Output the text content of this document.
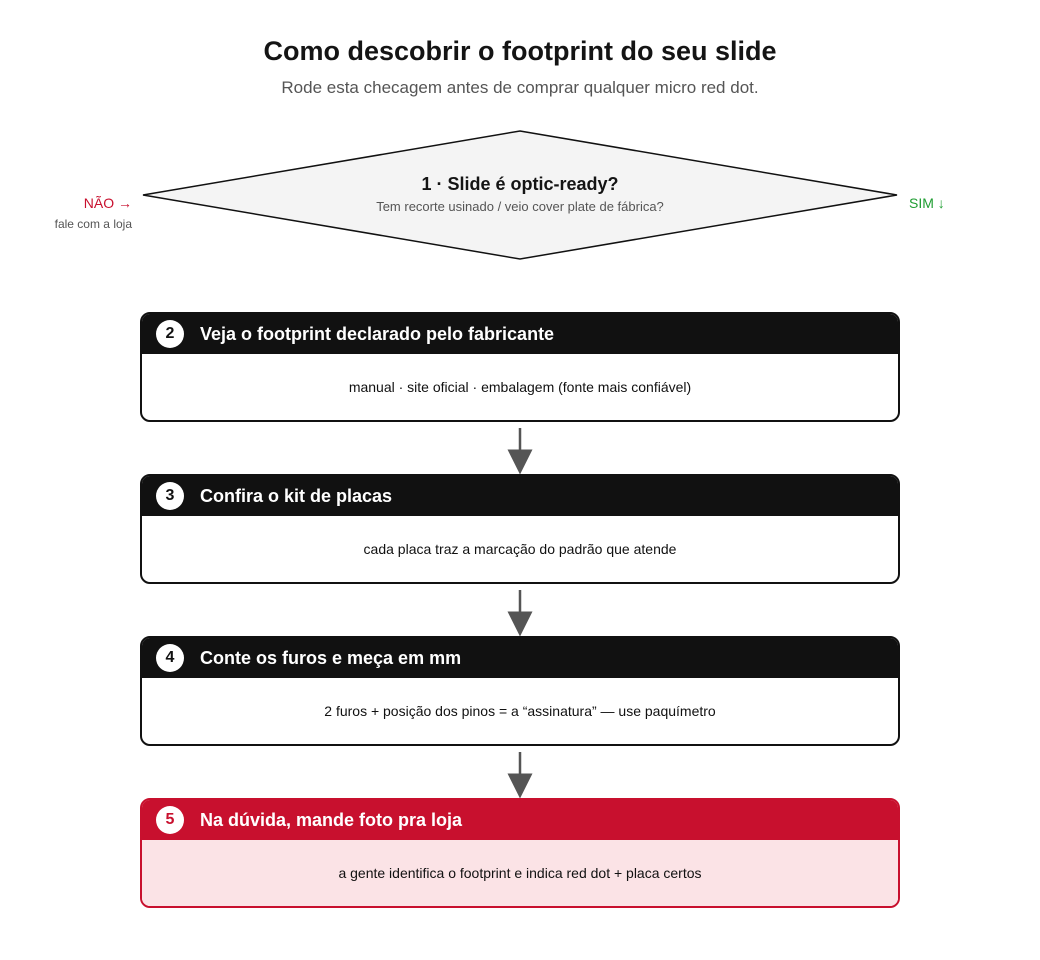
Como descobrir o footprint do seu slide
Rode esta checagem antes de comprar qualquer micro red dot.
1 · Slide é optic-ready?
Tem recorte usinado / veio cover plate de fábrica?
NÃO →
fale com a loja
SIM ↓
2	Veja o footprint declarado pelo fabricante
manual · site oficial · embalagem (fonte mais confiável)
3	Confira o kit de placas
cada placa traz a marcação do padrão que atende
4	Conte os furos e meça em mm
2 furos + posição dos pinos = a “assinatura” — use paquímetro
5	Na dúvida, mande foto pra loja
a gente identifica o footprint e indica red dot + placa certos
